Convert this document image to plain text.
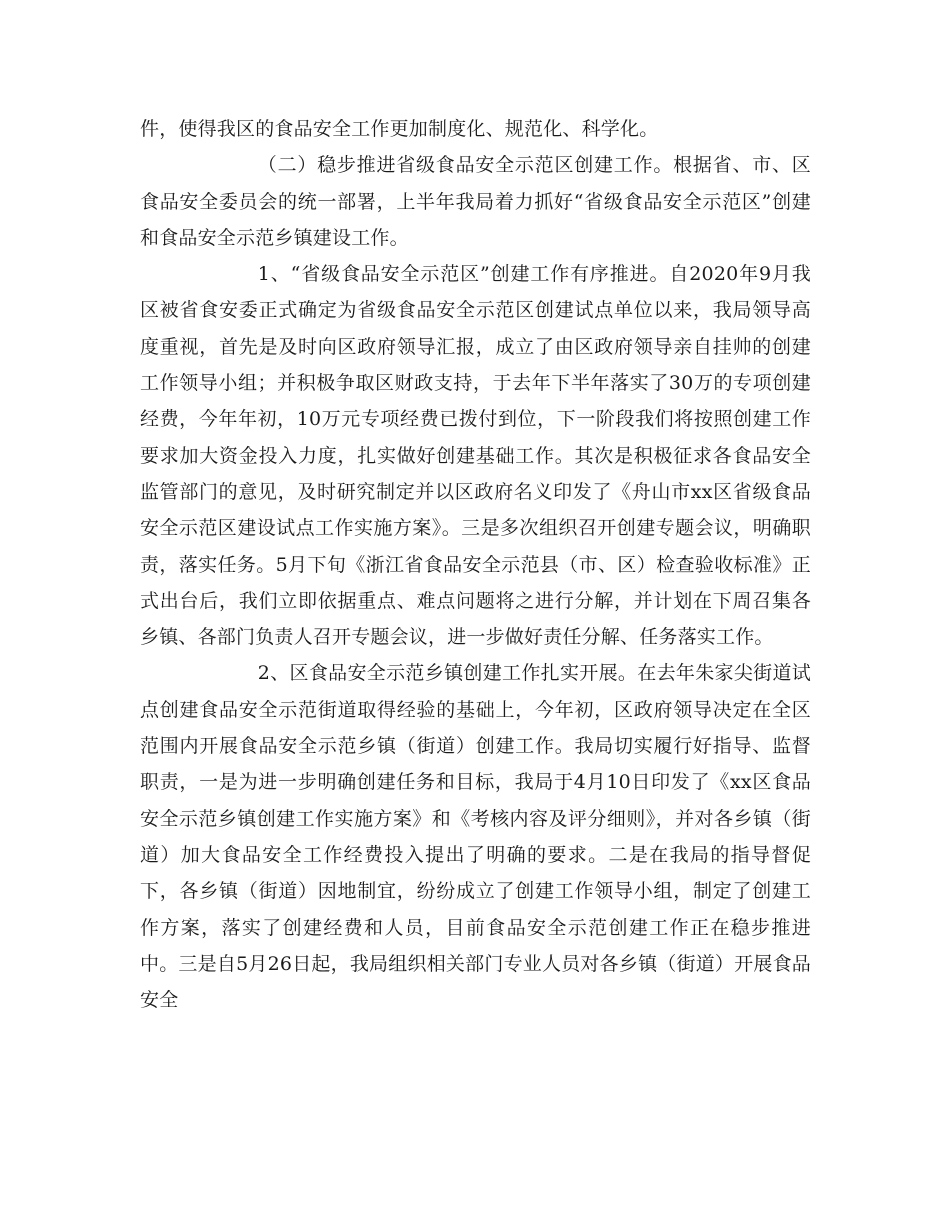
件，使得我区的食品安全工作更加制度化、规范化、科学化。

（二）稳步推进省级食品安全示范区创建工作。根据省、市、区食品安全委员会的统一部署，上半年我局着力抓好“省级食品安全示范区”创建和食品安全示范乡镇建设工作。

1、“省级食品安全示范区”创建工作有序推进。自2020年9月我区被省食安委正式确定为省级食品安全示范区创建试点单位以来，我局领导高度重视，首先是及时向区政府领导汇报，成立了由区政府领导亲自挂帅的创建工作领导小组；并积极争取区财政支持，于去年下半年落实了30万的专项创建经费，今年年初，10万元专项经费已拨付到位，下一阶段我们将按照创建工作要求加大资金投入力度，扎实做好创建基础工作。其次是积极征求各食品安全监管部门的意见，及时研究制定并以区政府名义印发了《舟山市xx区省级食品安全示范区建设试点工作实施方案》。三是多次组织召开创建专题会议，明确职责，落实任务。5月下旬《浙江省食品安全示范县（市、区）检查验收标准》正式出台后，我们立即依据重点、难点问题将之进行分解，并计划在下周召集各乡镇、各部门负责人召开专题会议，进一步做好责任分解、任务落实工作。

2、区食品安全示范乡镇创建工作扎实开展。在去年朱家尖街道试点创建食品安全示范街道取得经验的基础上，今年初，区政府领导决定在全区范围内开展食品安全示范乡镇（街道）创建工作。我局切实履行好指导、监督职责，一是为进一步明确创建任务和目标，我局于4月10日印发了《xx区食品安全示范乡镇创建工作实施方案》和《考核内容及评分细则》，并对各乡镇（街道）加大食品安全工作经费投入提出了明确的要求。二是在我局的指导督促下，各乡镇（街道）因地制宜，纷纷成立了创建工作领导小组，制定了创建工作方案，落实了创建经费和人员，目前食品安全示范创建工作正在稳步推进中。三是自5月26日起，我局组织相关部门专业人员对各乡镇（街道）开展食品安全
